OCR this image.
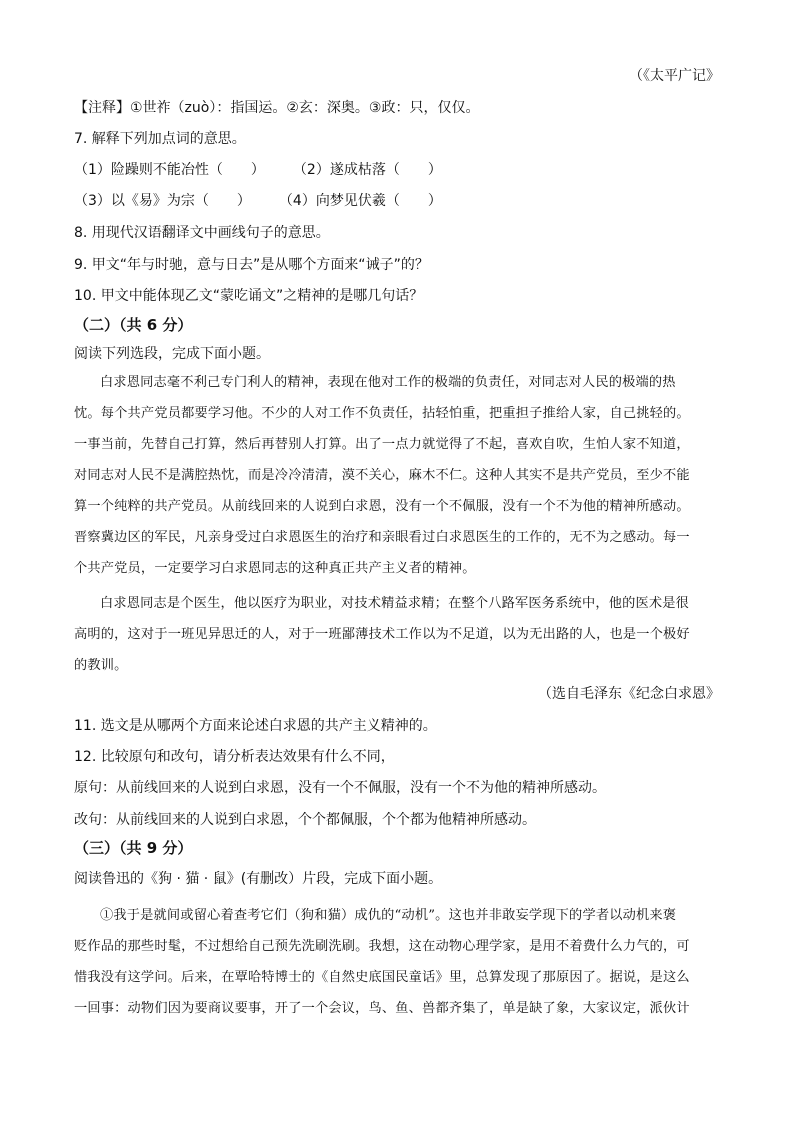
（《太平广记》
【注释】①世祚（zuò）：指国运。②玄：深奥。③政：只，仅仅。
7. 解释下列加点词的意思。
（1）险躁则不能冶性（　　）　　　（2）遂成枯落（　　）
（3）以《易》为宗（　　）　　　（4）向梦见伏羲（　　）
8. 用现代汉语翻译文中画线句子的意思。
9. 甲文“年与时驰，意与日去”是从哪个方面来“诫子”的？
10. 甲文中能体现乙文“蒙吃诵文”之精神的是哪几句话？
（二）（共 6 分）
阅读下列选段，完成下面小题。
白求恩同志毫不利己专门利人的精神，表现在他对工作的极端的负责任，对同志对人民的极端的热
忱。每个共产党员都要学习他。不少的人对工作不负责任，拈轻怕重，把重担子推给人家，自己挑轻的。
一事当前，先替自己打算，然后再替别人打算。出了一点力就觉得了不起，喜欢自吹，生怕人家不知道，
对同志对人民不是满腔热忱，而是冷冷清清，漠不关心，麻木不仁。这种人其实不是共产党员，至少不能
算一个纯粹的共产党员。从前线回来的人说到白求恩，没有一个不佩服，没有一个不为他的精神所感动。
晋察冀边区的军民，凡亲身受过白求恩医生的治疗和亲眼看过白求恩医生的工作的，无不为之感动。每一
个共产党员，一定要学习白求恩同志的这种真正共产主义者的精神。
白求恩同志是个医生，他以医疗为职业，对技术精益求精；在整个八路军医务系统中，他的医术是很
高明的，这对于一班见异思迁的人，对于一班鄙薄技术工作以为不足道，以为无出路的人，也是一个极好
的教训。
（选自毛泽东《纪念白求恩》
11. 选文是从哪两个方面来论述白求恩的共产主义精神的。
12. 比较原句和改句，请分析表达效果有什么不同，
原句：从前线回来的人说到白求恩，没有一个不佩服，没有一个不为他的精神所感动。
改句：从前线回来的人说到白求恩，个个都佩服，个个都为他精神所感动。
（三）（共 9 分）
阅读鲁迅的《狗 · 猫 · 鼠》(有删改）片段，完成下面小题。
①我于是就间或留心着查考它们（狗和猫）成仇的“动机”。这也并非敢妄学现下的学者以动机来褒
贬作品的那些时髦，不过想给自己预先洗刷洗刷。我想，这在动物心理学家，是用不着费什么力气的，可
惜我没有这学问。后来，在覃哈特博士的《自然史底国民童话》里，总算发现了那原因了。据说，是这么
一回事：动物们因为要商议要事，开了一个会议，鸟、鱼、兽都齐集了，单是缺了象，大家议定，派伙计
